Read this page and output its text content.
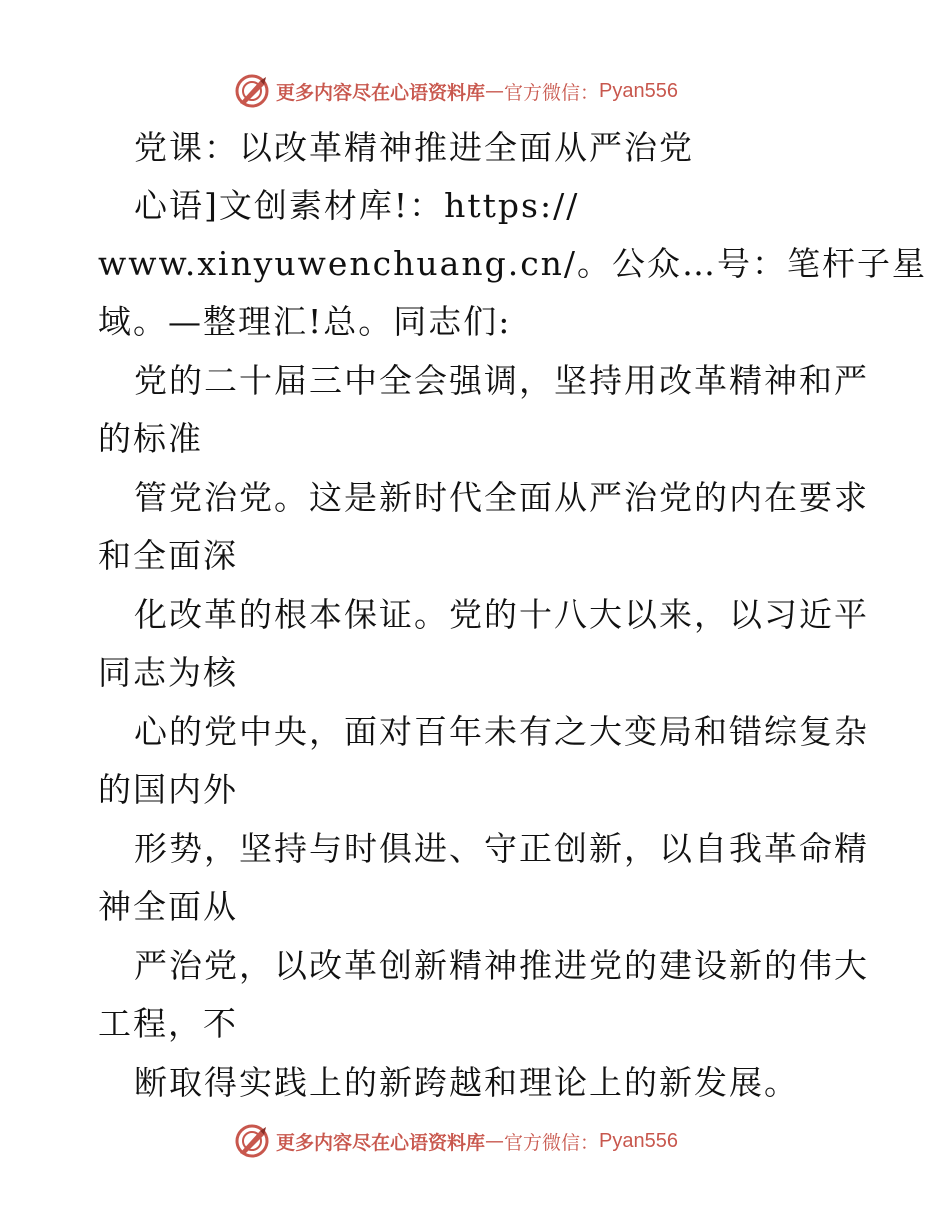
更多内容尽在心语资料库 — 官方微信： Pyan556
党课：以改革精神推进全面从严治党
心语]文创素材库!：https://
www.xinyuwenchuang.cn/。公众…号：笔杆子星
域。—整理汇!总。同志们:
党的二十届三中全会强调，坚持用改革精神和严
的标准
管党治党。这是新时代全面从严治党的内在要求
和全面深
化改革的根本保证。党的十八大以来，以习近平
同志为核
心的党中央，面对百年未有之大变局和错综复杂
的国内外
形势，坚持与时俱进、守正创新，以自我革命精
神全面从
严治党，以改革创新精神推进党的建设新的伟大
工程，不
断取得实践上的新跨越和理论上的新发展。
更多内容尽在心语资料库 — 官方微信： Pyan556
